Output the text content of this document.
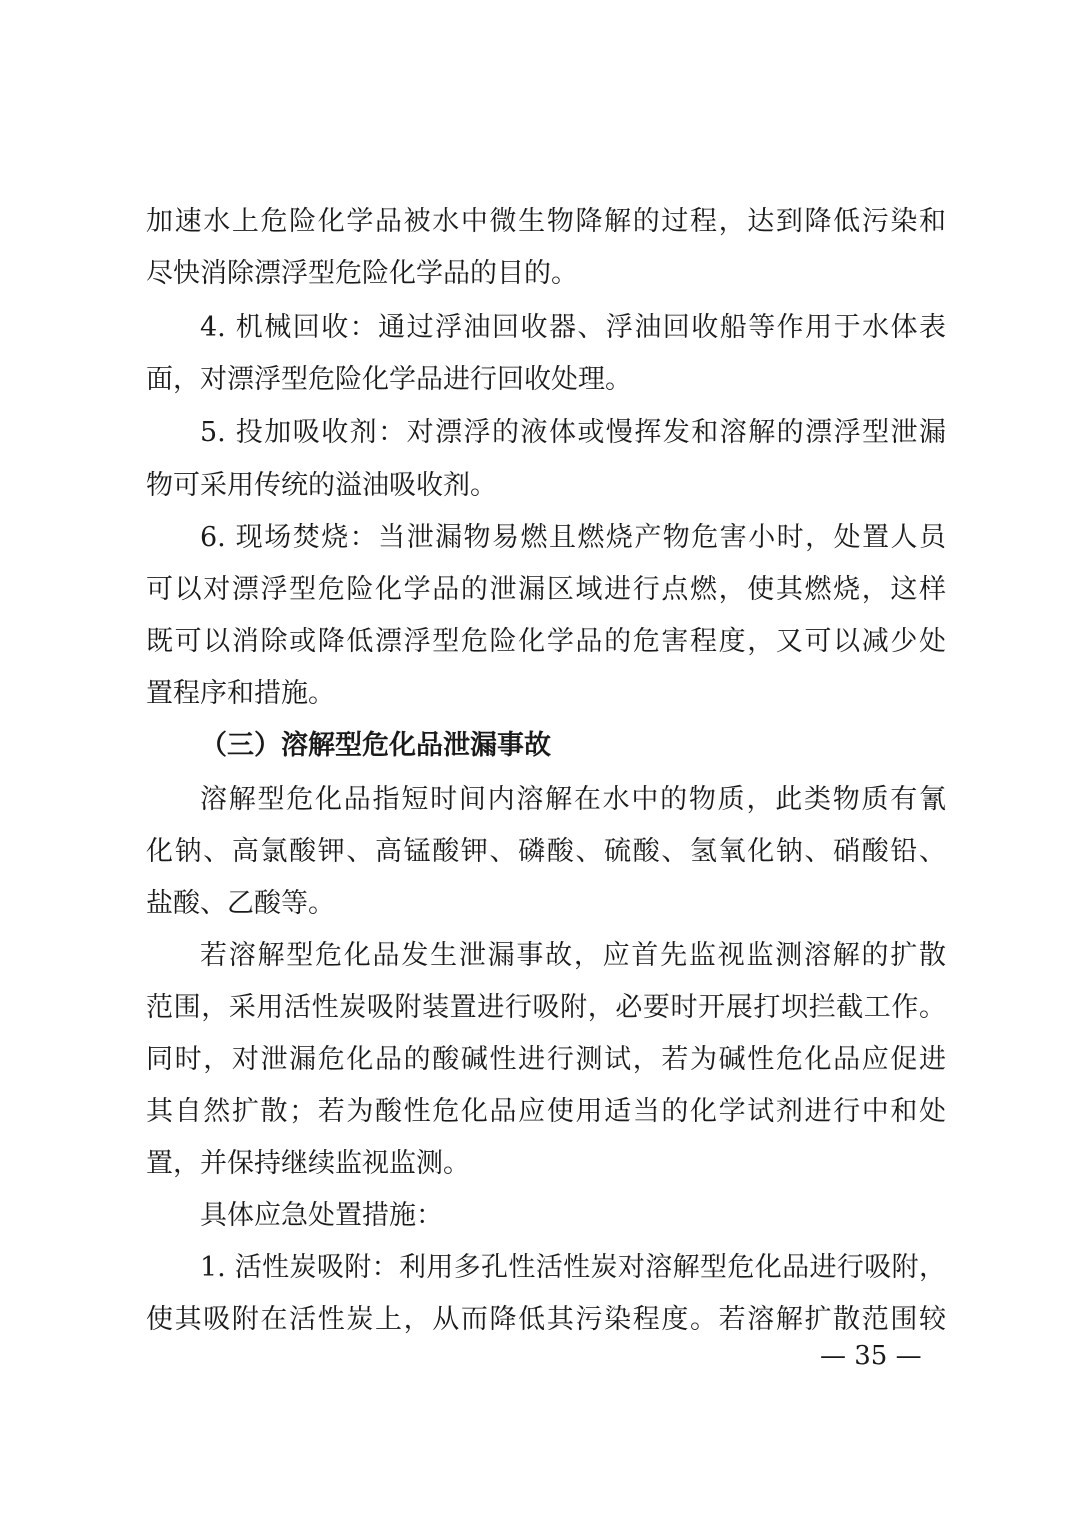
加速水上危险化学品被水中微生物降解的过程，达到降低污染和
尽快消除漂浮型危险化学品的目的。
4. 机械回收：通过浮油回收器、浮油回收船等作用于水体表
面，对漂浮型危险化学品进行回收处理。
5. 投加吸收剂：对漂浮的液体或慢挥发和溶解的漂浮型泄漏
物可采用传统的溢油吸收剂。
6. 现场焚烧：当泄漏物易燃且燃烧产物危害小时，处置人员
可以对漂浮型危险化学品的泄漏区域进行点燃，使其燃烧，这样
既可以消除或降低漂浮型危险化学品的危害程度，又可以减少处
置程序和措施。
（三）溶解型危化品泄漏事故
溶解型危化品指短时间内溶解在水中的物质，此类物质有氰
化钠、高氯酸钾、高锰酸钾、磷酸、硫酸、氢氧化钠、硝酸铅、
盐酸、乙酸等。
若溶解型危化品发生泄漏事故，应首先监视监测溶解的扩散
范围，采用活性炭吸附装置进行吸附，必要时开展打坝拦截工作。
同时，对泄漏危化品的酸碱性进行测试，若为碱性危化品应促进
其自然扩散；若为酸性危化品应使用适当的化学试剂进行中和处
置，并保持继续监视监测。
具体应急处置措施：
1. 活性炭吸附：利用多孔性活性炭对溶解型危化品进行吸附，
使其吸附在活性炭上，从而降低其污染程度。若溶解扩散范围较
— 35 —
